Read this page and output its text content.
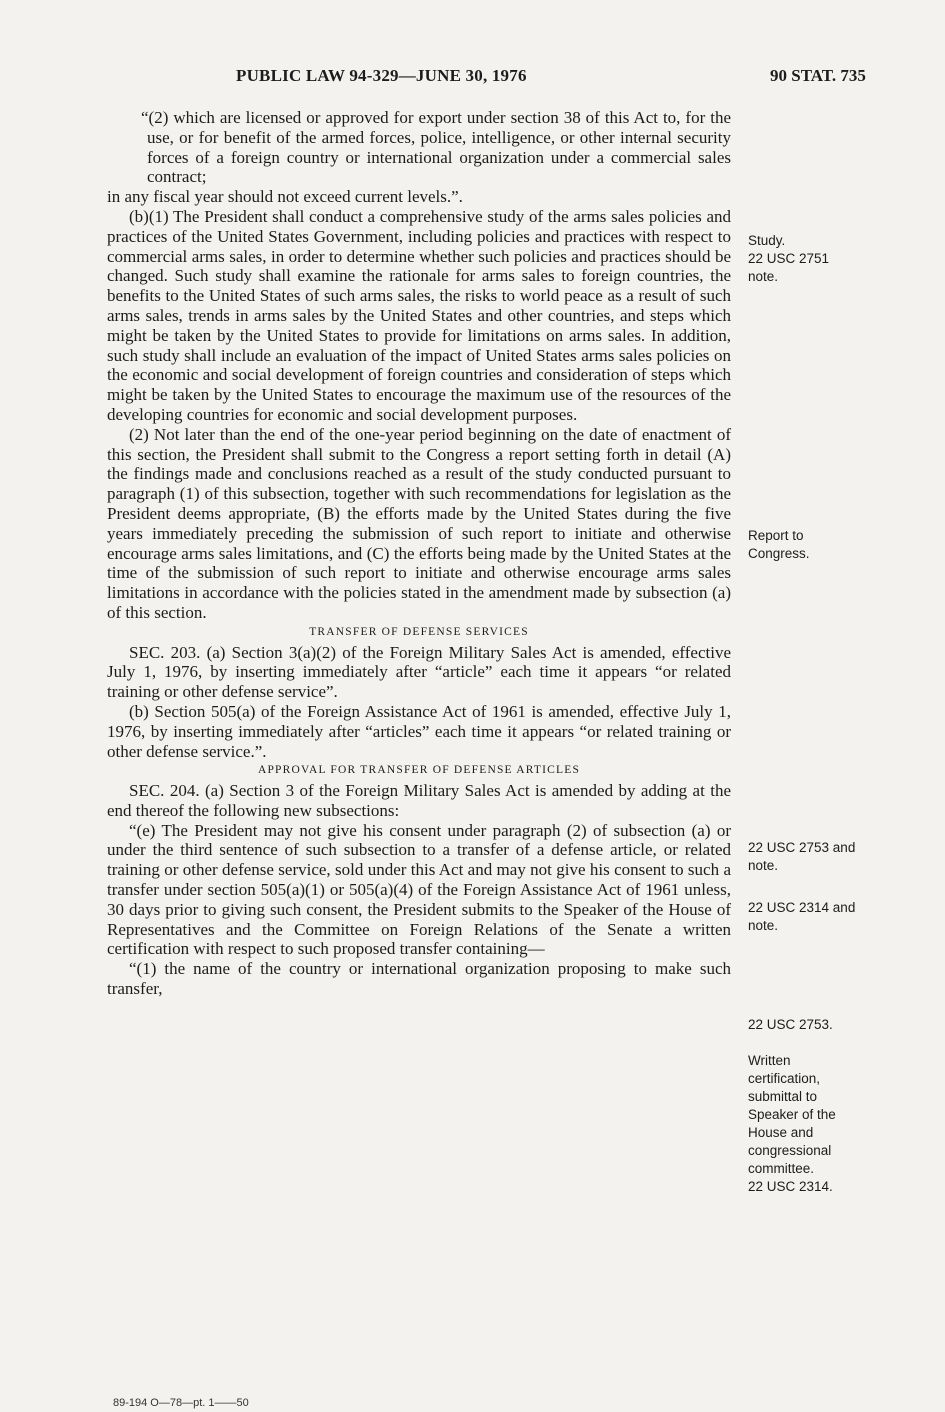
PUBLIC LAW 94-329—JUNE 30, 1976	90 STAT. 735

“(2) which are licensed or approved for export under section 38 of this Act to, for the use, or for benefit of the armed forces, police, intelligence, or other internal security forces of a foreign country or international organization under a commercial sales contract;

in any fiscal year should not exceed current levels.”.

(b)(1) The President shall conduct a comprehensive study of the arms sales policies and practices of the United States Government, including policies and practices with respect to commercial arms sales, in order to determine whether such policies and practices should be changed. Such study shall examine the rationale for arms sales to foreign countries, the benefits to the United States of such arms sales, the risks to world peace as a result of such arms sales, trends in arms sales by the United States and other countries, and steps which might be taken by the United States to provide for limitations on arms sales. In addition, such study shall include an evaluation of the impact of United States arms sales policies on the economic and social development of foreign countries and consideration of steps which might be taken by the United States to encourage the maximum use of the resources of the developing countries for economic and social development purposes.

(2) Not later than the end of the one-year period beginning on the date of enactment of this section, the President shall submit to the Congress a report setting forth in detail (A) the findings made and conclusions reached as a result of the study conducted pursuant to paragraph (1) of this subsection, together with such recommendations for legislation as the President deems appropriate, (B) the efforts made by the United States during the five years immediately preceding the submission of such report to initiate and otherwise encourage arms sales limitations, and (C) the efforts being made by the United States at the time of the submission of such report to initiate and otherwise encourage arms sales limitations in accordance with the policies stated in the amendment made by subsection (a) of this section.

TRANSFER OF DEFENSE SERVICES

SEC. 203. (a) Section 3(a)(2) of the Foreign Military Sales Act is amended, effective July 1, 1976, by inserting immediately after “article” each time it appears “or related training or other defense service”.

(b) Section 505(a) of the Foreign Assistance Act of 1961 is amended, effective July 1, 1976, by inserting immediately after “articles” each time it appears “or related training or other defense service.”.

APPROVAL FOR TRANSFER OF DEFENSE ARTICLES

SEC. 204. (a) Section 3 of the Foreign Military Sales Act is amended by adding at the end thereof the following new subsections:

“(e) The President may not give his consent under paragraph (2) of subsection (a) or under the third sentence of such subsection to a transfer of a defense article, or related training or other defense service, sold under this Act and may not give his consent to such a transfer under section 505(a)(1) or 505(a)(4) of the Foreign Assistance Act of 1961 unless, 30 days prior to giving such consent, the President submits to the Speaker of the House of Representatives and the Committee on Foreign Relations of the Senate a written certification with respect to such proposed transfer containing—

“(1) the name of the country or international organization proposing to make such transfer,

Study.
22 USC 2751
note.
Report to
Congress.
22 USC 2753 and
note.
22 USC 2314 and
note.
22 USC 2753.
Written
certification,
submittal to
Speaker of the
House and
congressional
committee.
22 USC 2314.
89-194 O—78—pt. 1——50
